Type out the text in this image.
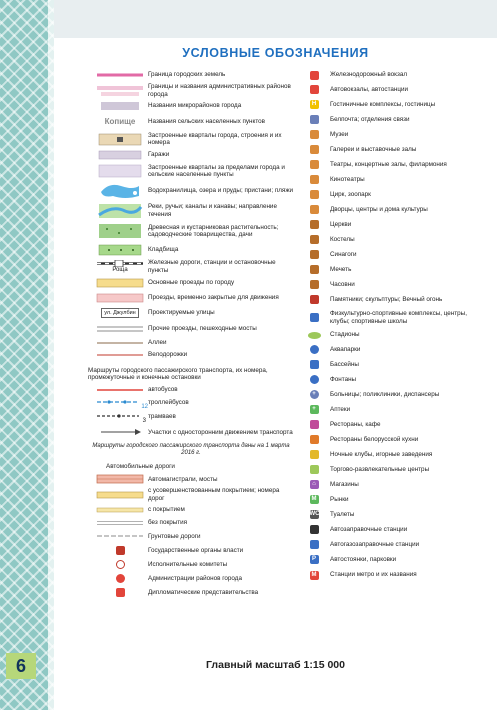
6
УСЛОВНЫЕ ОБОЗНАЧЕНИЯ
Граница городских земель
Границы и названия административных районов города
Названия микрорайонов города
Копище Названия сельских населенных пунктов
Застроенные кварталы города, строения и их номера
Гаражи
Застроенные кварталы за пределами города и сельские населенные пункты
Водохранилища, озера и пруды; пристани; пляжи
Реки, ручьи; каналы и канавы; направление течения
Древесная и кустарниковая растительность; садоводческие товарищества, дачи
Кладбища
Роща
Железные дороги, станции и остановочные пункты
Основные проезды по городу
Проезды, временно закрытые для движения
ул. Джулбин	Проектируемые улицы
Прочие проезды, пешеходные мосты
Аллеи
Велодорожки
Маршруты городского пассажирского транспорта, их номера, промежуточные и конечные остановки
автобусов
12
троллейбусов
3
трамваев
Участки с односторонним движением транспорта
Маршруты городского пассажирского транспорта даны на 1 марта 2016 г.
Автомобильные дороги
Автомагистрали, мосты
с усовершенствованным покрытием; номера дорог
с покрытием
без покрытия
Грунтовые дороги
Государственные органы власти
Исполнительные комитеты
Администрации районов города
Дипломатические представительства
Железнодорожный вокзал
Автовокзалы, автостанции
H	Гостиничные комплексы, гостиницы
Белпочта; отделения связи
Музеи
Галереи и выставочные залы
Театры, концертные залы, филармония
Кинотеатры
Цирк, зоопарк
Дворцы, центры и дома культуры
Церкви
Костелы
Синагоги
Мечеть
Часовни
Памятники; скульптуры; Вечный огонь
Физкультурно-спортивные комплексы, центры, клубы; спортивные школы
Стадионы
Аквапарки
Бассейны
Фонтаны
+	Больницы; поликлиники, диспансеры
+	Аптеки
Рестораны, кафе
Рестораны белорусской кухни
Ночные клубы, игорные заведения
Торгово-развлекательные центры
⌂	Магазины
M	Рынки
WC Туалеты
Автозаправочные станции
Автогазозаправочные станции
P	Автостоянки, парковки
M	Станции метро и их названия
Главный масштаб 1:15 000
